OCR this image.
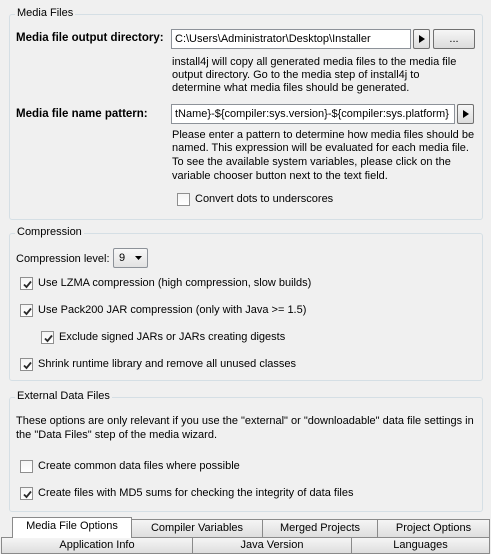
Media Files
Media file output directory:	C:\Users\Administrator\Desktop\Installer	...
install4j will copy all generated media files to the media file
output directory. Go to the media step of install4j to
determine what media files should be generated.
Media file name pattern:	tName}-${compiler:sys.version}-${compiler:sys.platform}
Please enter a pattern to determine how media files should be
named. This expression will be evaluated for each media file.
To see the available system variables, please click on the
variable chooser button next to the text field.
Convert dots to underscores
Compression
Compression level: 9
Use LZMA compression (high compression, slow builds)
Use Pack200 JAR compression (only with Java >= 1.5)
Exclude signed JARs or JARs creating digests
Shrink runtime library and remove all unused classes
External Data Files
These options are only relevant if you use the "external" or "downloadable" data file settings in
the "Data Files" step of the media wizard.
Create common data files where possible
Create files with MD5 sums for checking the integrity of data files
Media File Options	Compiler Variables	Merged Projects	Project Options
Application Info	Java Version	Languages
